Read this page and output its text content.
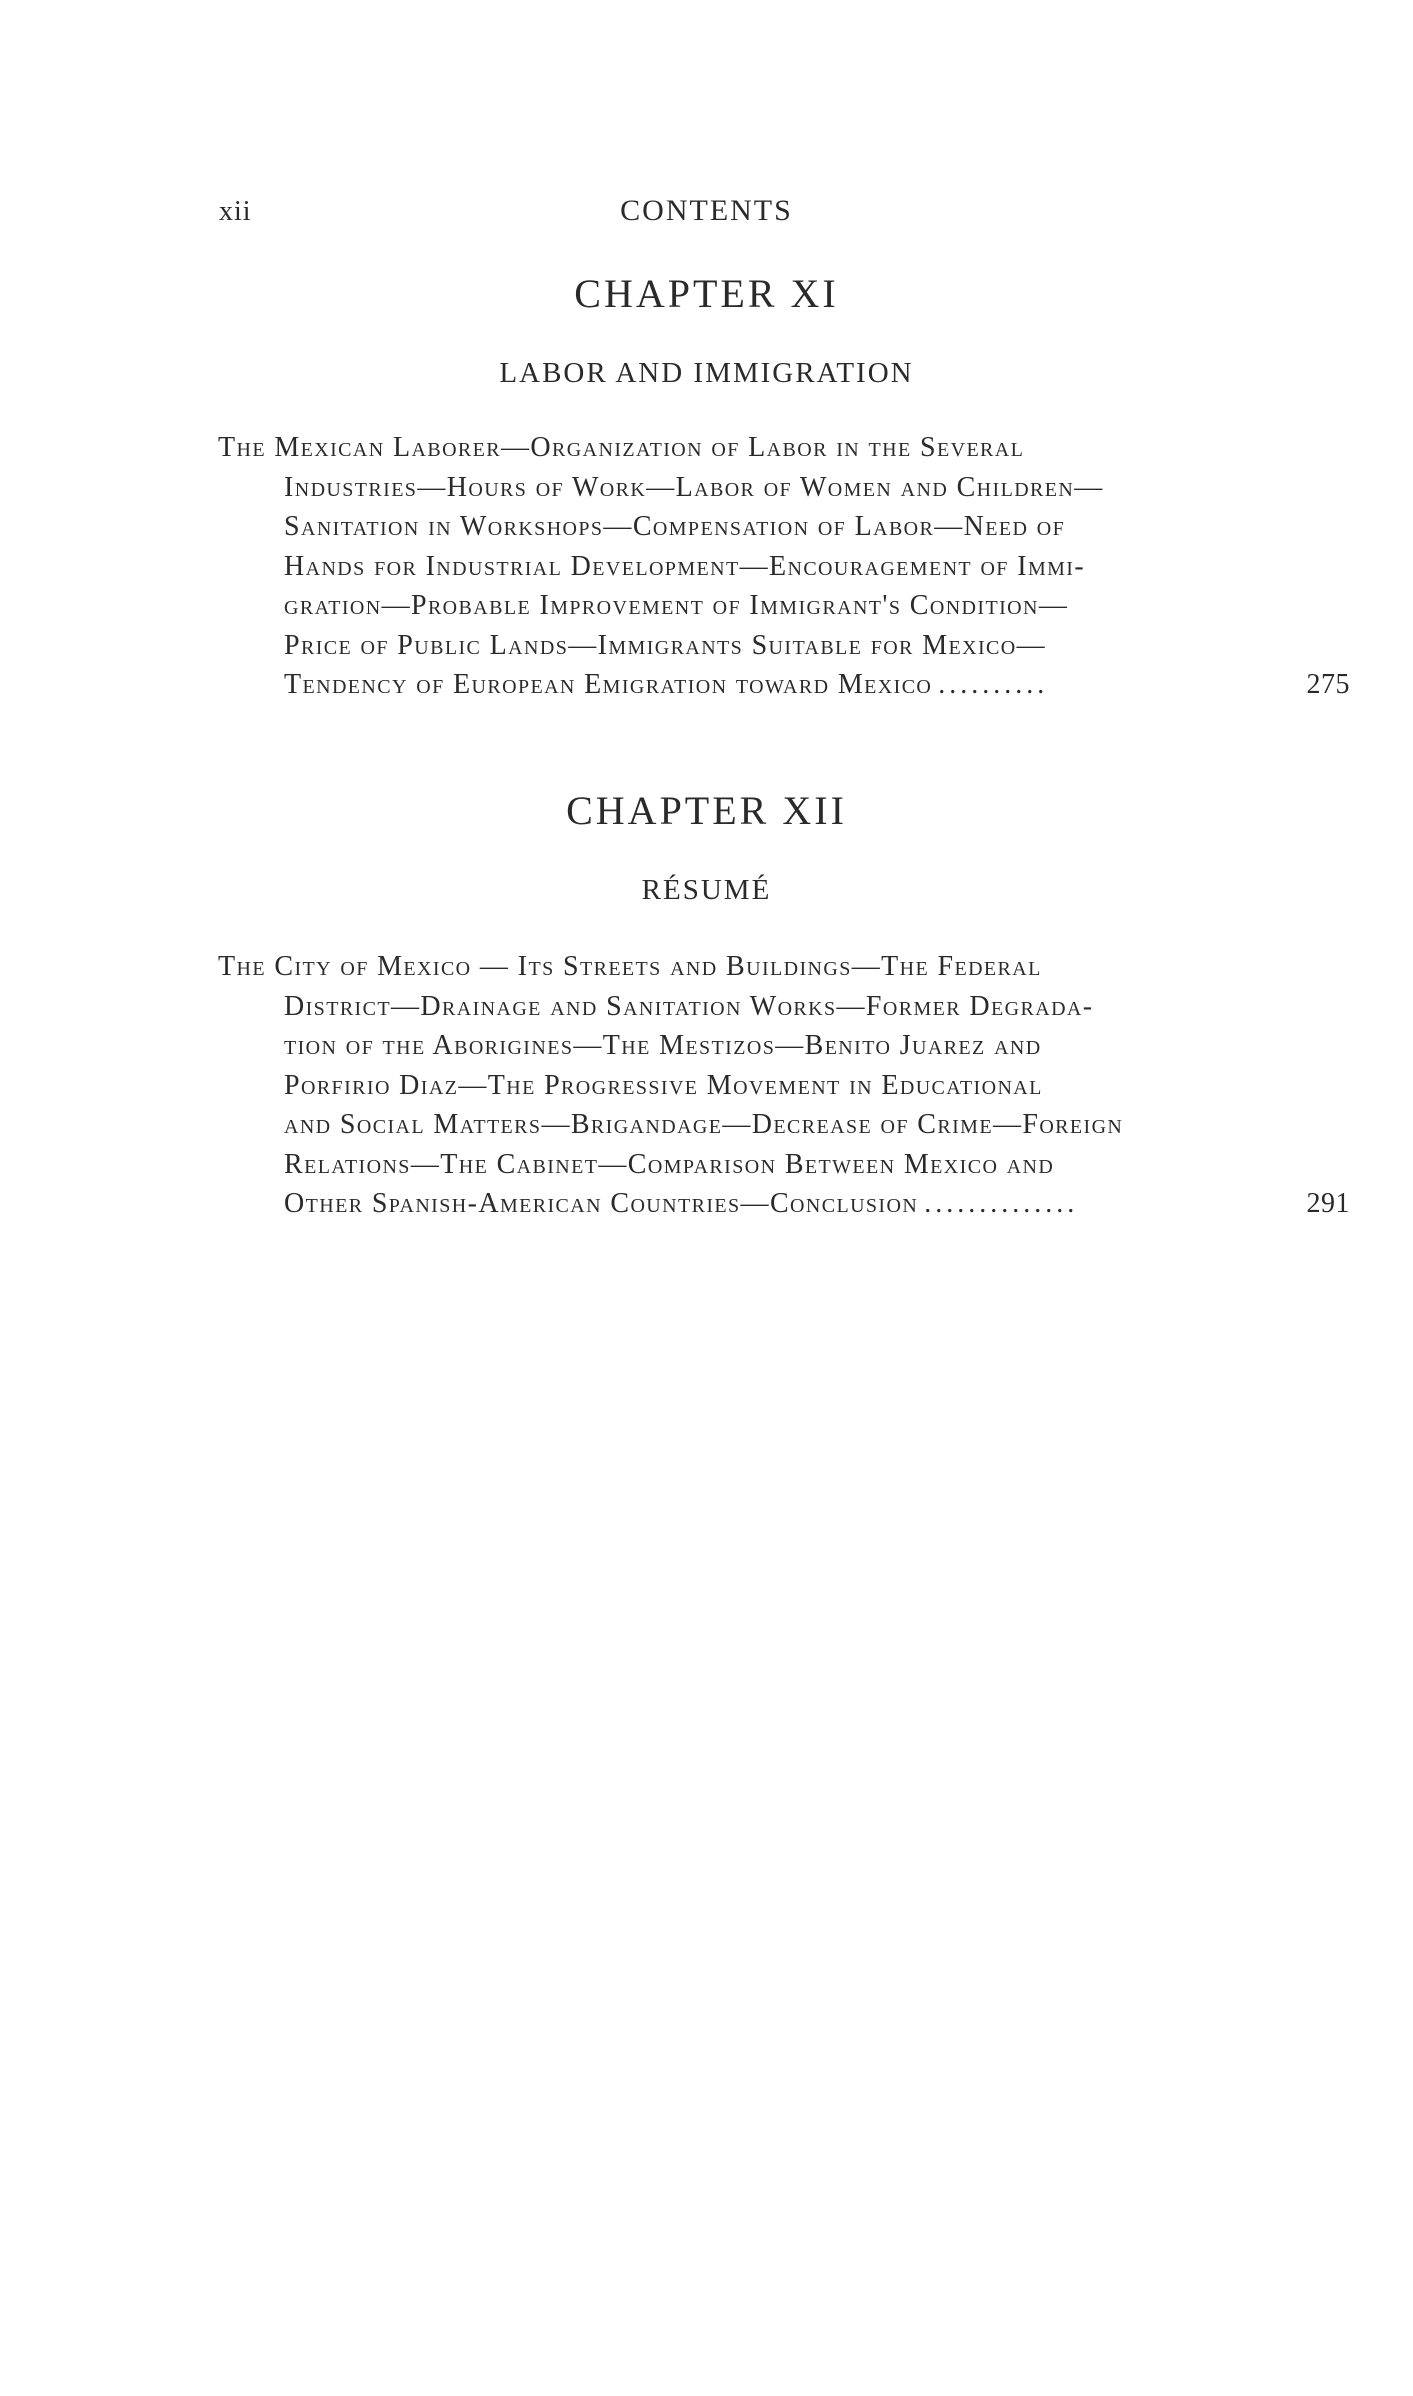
xii	CONTENTS
CHAPTER XI
LABOR AND IMMIGRATION
The Mexican Laborer—Organization of Labor in the Several
Industries—Hours of Work—Labor of Women and Children—
Sanitation in Workshops—Compensation of Labor—Need of
Hands for Industrial Development—Encouragement of Immi-
gration—Probable Improvement of Immigrant's Condition—
Price of Public Lands—Immigrants Suitable for Mexico—
Tendency of European Emigration toward Mexico ..........	275
CHAPTER XII
RÉSUMÉ
The City of Mexico — Its Streets and Buildings—The Federal
District—Drainage and Sanitation Works—Former Degrada-
tion of the Aborigines—The Mestizos—Benito Juarez and
Porfirio Diaz—The Progressive Movement in Educational
and Social Matters—Brigandage—Decrease of Crime—Foreign
Relations—The Cabinet—Comparison Between Mexico and
Other Spanish-American Countries—Conclusion ..............	291
